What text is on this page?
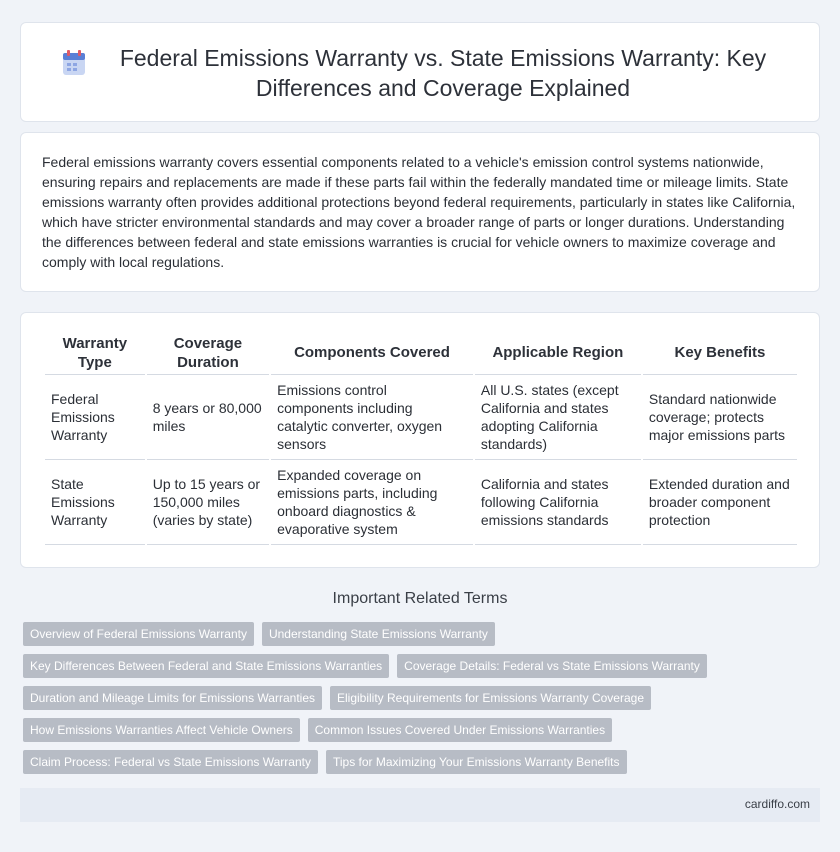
Federal Emissions Warranty vs. State Emissions Warranty: Key Differences and Coverage Explained

Federal emissions warranty covers essential components related to a vehicle's emission control systems nationwide, ensuring repairs and replacements are made if these parts fail within the federally mandated time or mileage limits. State emissions warranty often provides additional protections beyond federal requirements, particularly in states like California, which have stricter environmental standards and may cover a broader range of parts or longer durations. Understanding the differences between federal and state emissions warranties is crucial for vehicle owners to maximize coverage and comply with local regulations.

Warranty Type	Coverage Duration	Components Covered	Applicable Region	Key Benefits
Federal Emissions Warranty	8 years or 80,000 miles	Emissions control components including catalytic converter, oxygen sensors	All U.S. states (except California and states adopting California standards)	Standard nationwide coverage; protects major emissions parts
State Emissions Warranty	Up to 15 years or 150,000 miles (varies by state)	Expanded coverage on emissions parts, including onboard diagnostics & evaporative system	California and states following California emissions standards	Extended duration and broader component protection
Important Related Terms
Overview of Federal Emissions Warranty	Understanding State Emissions Warranty
Key Differences Between Federal and State Emissions Warranties	Coverage Details: Federal vs State Emissions Warranty
Duration and Mileage Limits for Emissions Warranties	Eligibility Requirements for Emissions Warranty Coverage
How Emissions Warranties Affect Vehicle Owners	Common Issues Covered Under Emissions Warranties
Claim Process: Federal vs State Emissions Warranty	Tips for Maximizing Your Emissions Warranty Benefits
cardiffo.com
